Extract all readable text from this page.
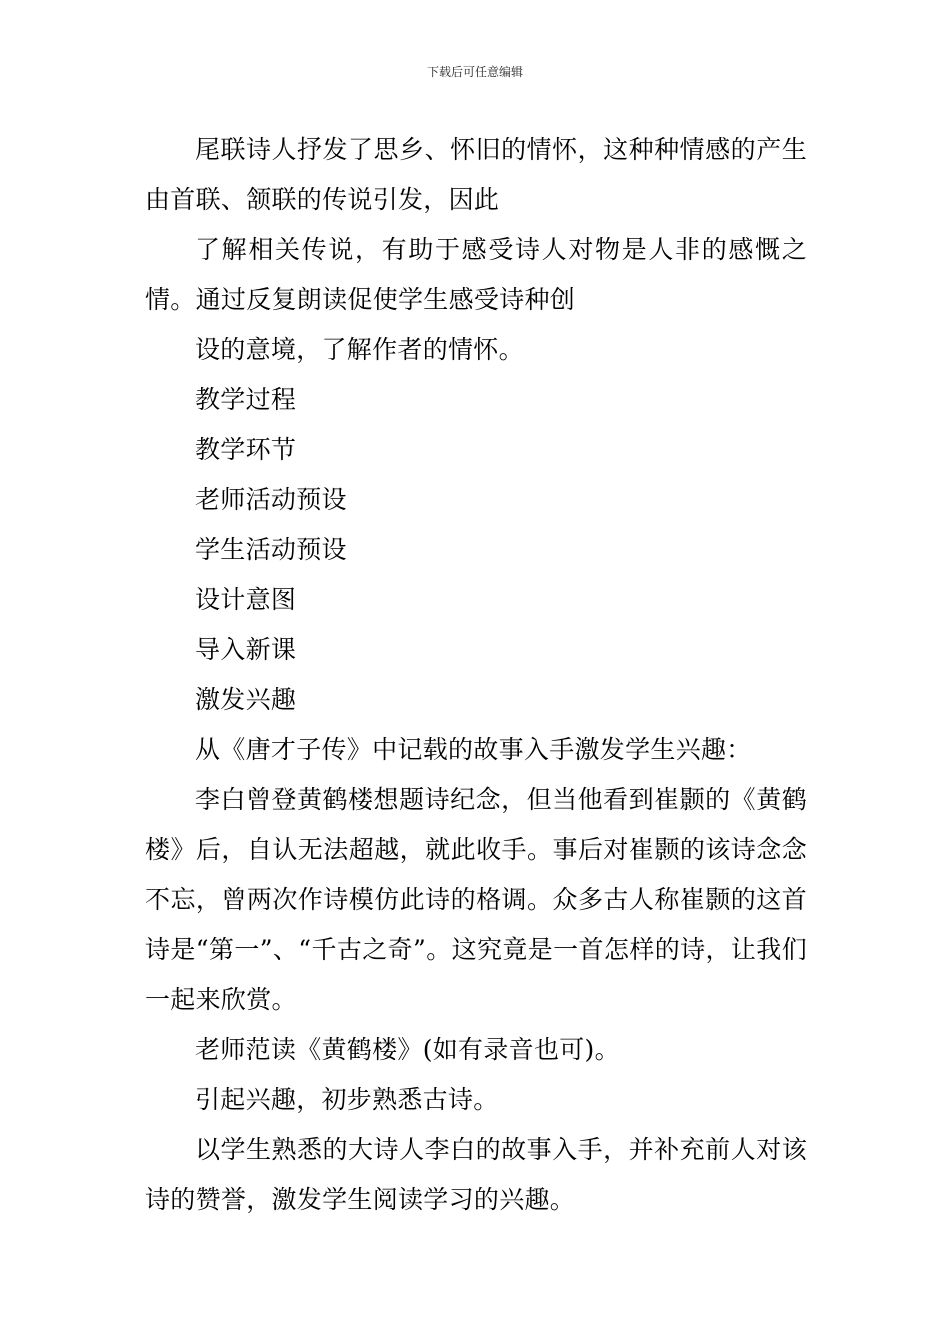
下载后可任意编辑

尾联诗人抒发了思乡、怀旧的情怀，这种种情感的产生由首联、颔联的传说引发，因此

了解相关传说，有助于感受诗人对物是人非的感慨之情。通过反复朗读促使学生感受诗种创

设的意境，了解作者的情怀。

教学过程

教学环节

老师活动预设

学生活动预设

设计意图

导入新课

激发兴趣

从《唐才子传》中记载的故事入手激发学生兴趣：

李白曾登黄鹤楼想题诗纪念，但当他看到崔颢的《黄鹤楼》后，自认无法超越，就此收手。事后对崔颢的该诗念念不忘，曾两次作诗模仿此诗的格调。众多古人称崔颢的这首诗是“第一”、“千古之奇”。这究竟是一首怎样的诗，让我们一起来欣赏。

老师范读《黄鹤楼》(如有录音也可)。

引起兴趣，初步熟悉古诗。

以学生熟悉的大诗人李白的故事入手，并补充前人对该诗的赞誉，激发学生阅读学习的兴趣。
